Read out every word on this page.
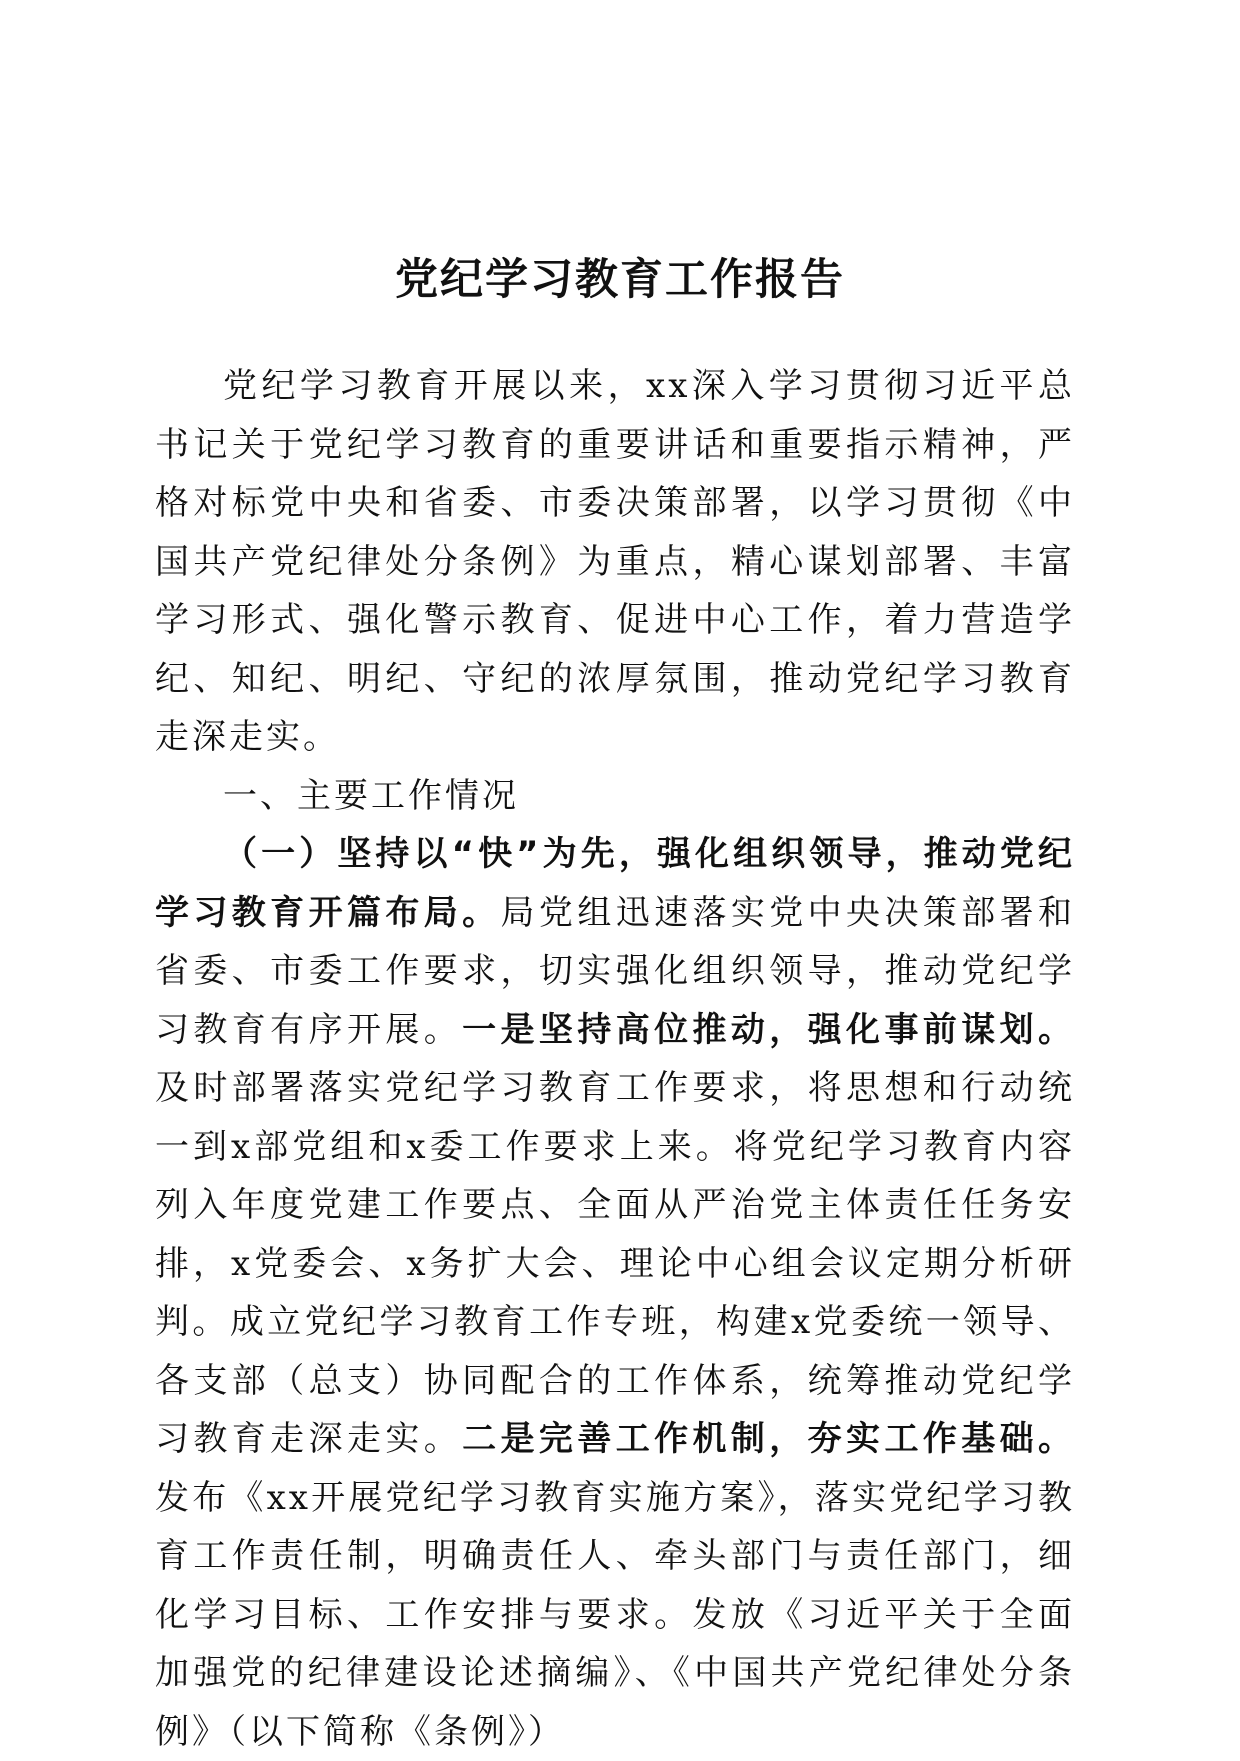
党纪学习教育工作报告

党纪学习教育开展以来，xx深入学习贯彻习近平总书记关于党纪学习教育的重要讲话和重要指示精神，严格对标党中央和省委、市委决策部署，以学习贯彻《中国共产党纪律处分条例》为重点，精心谋划部署、丰富学习形式、强化警示教育、促进中心工作，着力营造学纪、知纪、明纪、守纪的浓厚氛围，推动党纪学习教育走深走实。

一、主要工作情况

（一）坚持以“快”为先，强化组织领导，推动党纪学习教育开篇布局。局党组迅速落实党中央决策部署和省委、市委工作要求，切实强化组织领导，推动党纪学习教育有序开展。一是坚持高位推动，强化事前谋划。及时部署落实党纪学习教育工作要求，将思想和行动统一到x部党组和x委工作要求上来。将党纪学习教育内容列入年度党建工作要点、全面从严治党主体责任任务安排，x党委会、x务扩大会、理论中心组会议定期分析研判。成立党纪学习教育工作专班，构建x党委统一领导、各支部（总支）协同配合的工作体系，统筹推动党纪学习教育走深走实。二是完善工作机制，夯实工作基础。发布《xx开展党纪学习教育实施方案》，落实党纪学习教育工作责任制，明确责任人、牵头部门与责任部门，细化学习目标、工作安排与要求。发放《习近平关于全面加强党的纪律建设论述摘编》、《中国共产党纪律处分条例》（以下简称《条例》）
